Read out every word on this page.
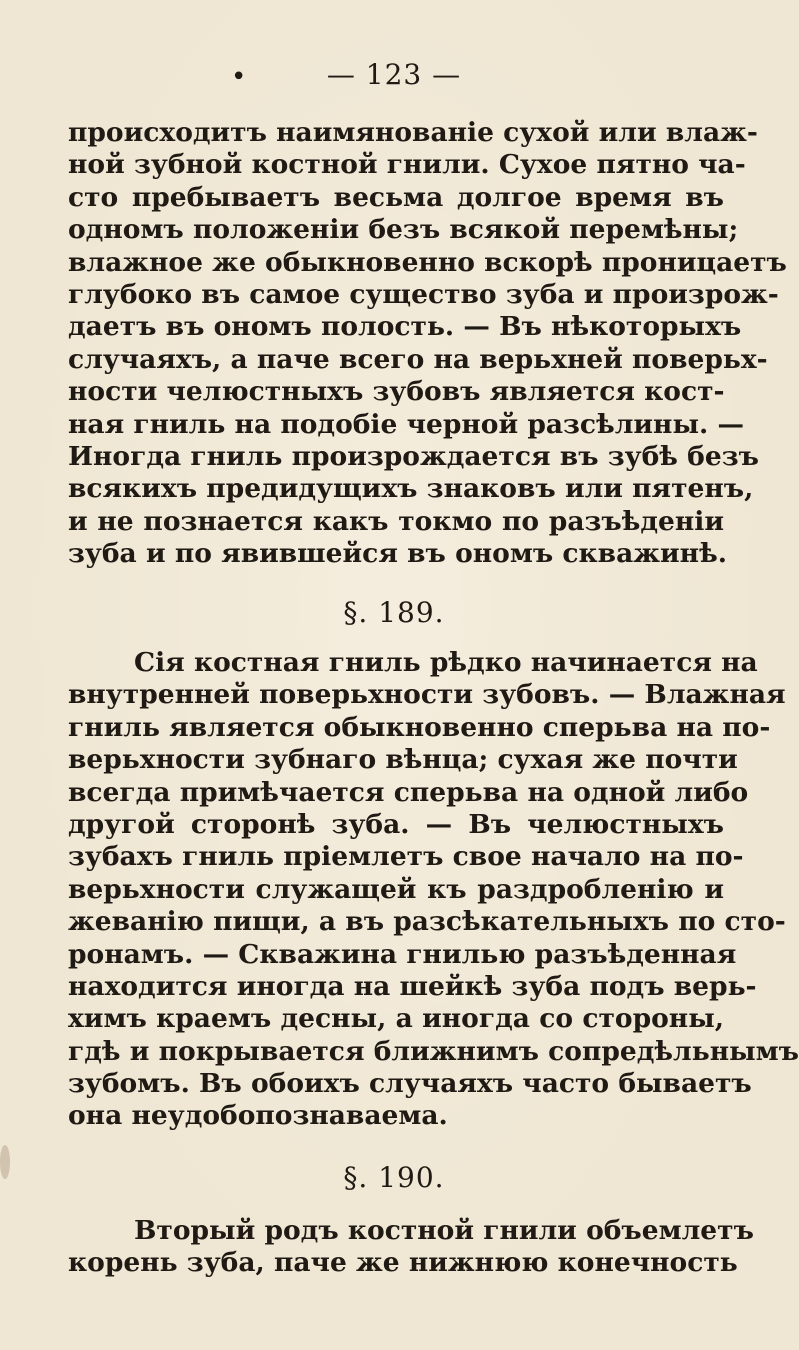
•	— 123 —
происходитъ наимянованіе сухой или влаж-
ной зубной костной гнили. Сухое пятно ча-
сто пребываетъ весьма долгое время въ
одномъ положеніи безъ всякой перемѣны;
влажное же обыкновенно вскорѣ проницаетъ
глубоко въ самое существо зуба и произрож-
даетъ въ ономъ полость. — Въ нѣкоторыхъ
случаяхъ, а паче всего на верьхней поверьх-
ности челюстныхъ зубовъ является кост-
ная гниль на подобіе черной разсѣлины. —
Иногда гниль произрождается въ зубѣ безъ
всякихъ предидущихъ знаковъ или пятенъ,
и не познается какъ токмо по разъѣденіи
зуба и по явившейся въ ономъ скважинѣ.
§. 189.
Сія костная гниль рѣдко начинается на
внутренней поверьхности зубовъ. — Влажная
гниль является обыкновенно сперьва на по-
верьхности зубнаго вѣнца; сухая же почти
всегда примѣчается сперьва на одной либо
другой сторонѣ зуба. — Въ челюстныхъ
зубахъ гниль пріемлетъ свое начало на по-
верьхности служащей къ раздробленію и
жеванію пищи, а въ разсѣкательныхъ по сто-
ронамъ. — Скважина гнилью разъѣденная
находится иногда на шейкѣ зуба подъ верь-
химъ краемъ десны, а иногда со стороны,
гдѣ и покрывается ближнимъ сопредѣльнымъ
зубомъ. Въ обоихъ случаяхъ часто бываетъ
она неудобопознаваема.
§. 190.
Вторый родъ костной гнили объемлетъ
корень зуба, паче же нижнюю конечность
